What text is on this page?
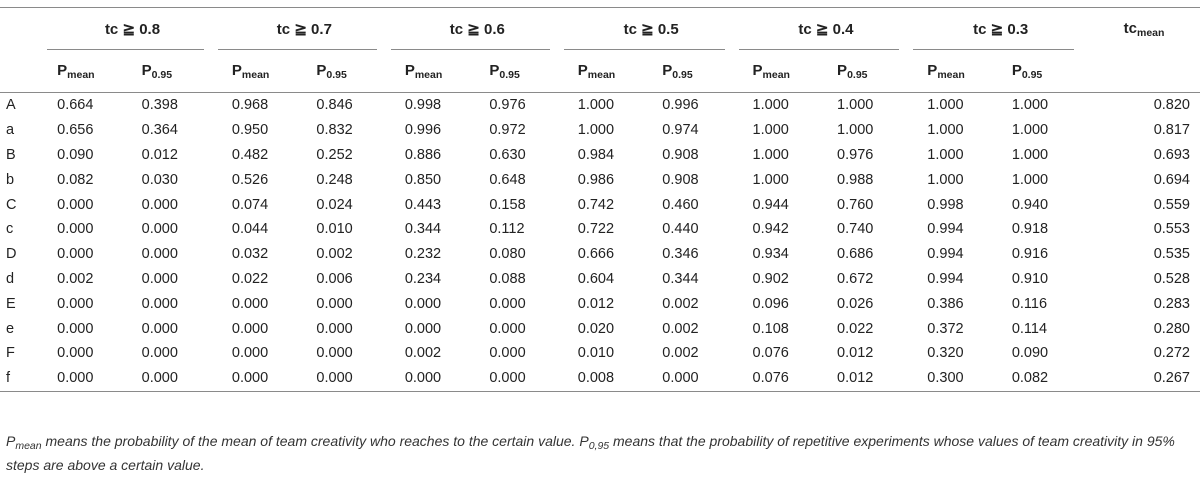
	tc ≧ 0.8		tc ≧ 0.7		tc ≧ 0.6		tc ≧ 0.5		tc ≧ 0.4		tc ≧ 0.3		$tc_{mean}$
	$P_{mean}$	$P_{0.95}$	$P_{mean}$	$P_{0.95}$	$P_{mean}$	$P_{0.95}$	$P_{mean}$	$P_{0.95}$	$P_{mean}$	$P_{0.95}$	$P_{mean}$	$P_{0.95}$
A	0.664	0.398	0.968	0.846	0.998	0.976	1.000	0.996	1.000	1.000	1.000	1.000	0.820
a	0.656	0.364	0.950	0.832	0.996	0.972	1.000	0.974	1.000	1.000	1.000	1.000	0.817
B	0.090	0.012	0.482	0.252	0.886	0.630	0.984	0.908	1.000	0.976	1.000	1.000	0.693
b	0.082	0.030	0.526	0.248	0.850	0.648	0.986	0.908	1.000	0.988	1.000	1.000	0.694
C	0.000	0.000	0.074	0.024	0.443	0.158	0.742	0.460	0.944	0.760	0.998	0.940	0.559
c	0.000	0.000	0.044	0.010	0.344	0.112	0.722	0.440	0.942	0.740	0.994	0.918	0.553
D	0.000	0.000	0.032	0.002	0.232	0.080	0.666	0.346	0.934	0.686	0.994	0.916	0.535
d	0.002	0.000	0.022	0.006	0.234	0.088	0.604	0.344	0.902	0.672	0.994	0.910	0.528
E	0.000	0.000	0.000	0.000	0.000	0.000	0.012	0.002	0.096	0.026	0.386	0.116	0.283
e	0.000	0.000	0.000	0.000	0.000	0.000	0.020	0.002	0.108	0.022	0.372	0.114	0.280
F	0.000	0.000	0.000	0.000	0.002	0.000	0.010	0.002	0.076	0.012	0.320	0.090	0.272
f	0.000	0.000	0.000	0.000	0.000	0.000	0.008	0.000	0.076	0.012	0.300	0.082	0.267
$P_{mean}$ means the probability of the mean of team creativity who reaches to the certain value. $P_{0,95}$ means that the probability of repetitive experiments whose values of team creativity in 95% steps are above a certain value.
